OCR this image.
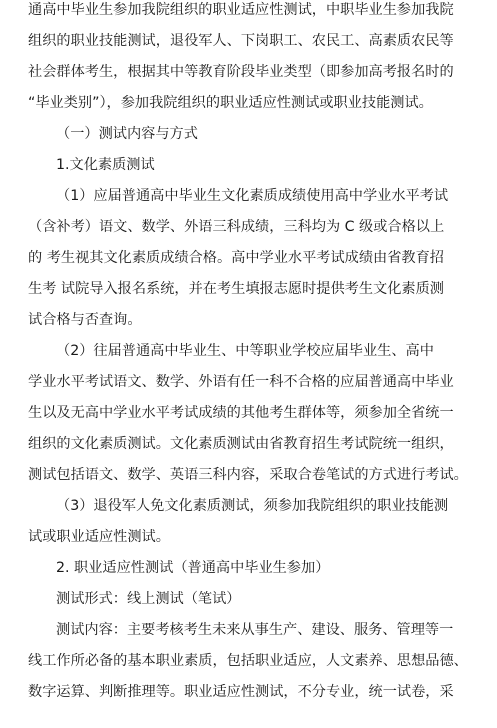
通高中毕业生参加我院组织的职业适应性测试，中职毕业生参加我院
组织的职业技能测试，退役军人、下岗职工、农民工、高素质农民等
社会群体考生，根据其中等教育阶段毕业类型（即参加高考报名时的
“毕业类别”），参加我院组织的职业适应性测试或职业技能测试。
（一）测试内容与方式
1.文化素质测试
（1）应届普通高中毕业生文化素质成绩使用高中学业水平考试
（含补考）语文、数学、外语三科成绩，三科均为 C 级或合格以上
的 考生视其文化素质成绩合格。高中学业水平考试成绩由省教育招
生考 试院导入报名系统，并在考生填报志愿时提供考生文化素质测
试合格与否查询。
（2）往届普通高中毕业生、中等职业学校应届毕业生、高中
学业水平考试语文、数学、外语有任一科不合格的应届普通高中毕业
生以及无高中学业水平考试成绩的其他考生群体等，须参加全省统一
组织的文化素质测试。文化素质测试由省教育招生考试院统一组织，
测试包括语文、数学、英语三科内容，采取合卷笔试的方式进行考试。
（3）退役军人免文化素质测试，须参加我院组织的职业技能测
试或职业适应性测试。
2. 职业适应性测试（普通高中毕业生参加）
测试形式：线上测试（笔试）
测试内容：主要考核考生未来从事生产、建设、服务、管理等一
线工作所必备的基本职业素质，包括职业适应，人文素养、思想品德、
数字运算、判断推理等。职业适应性测试，不分专业，统一试卷，采
